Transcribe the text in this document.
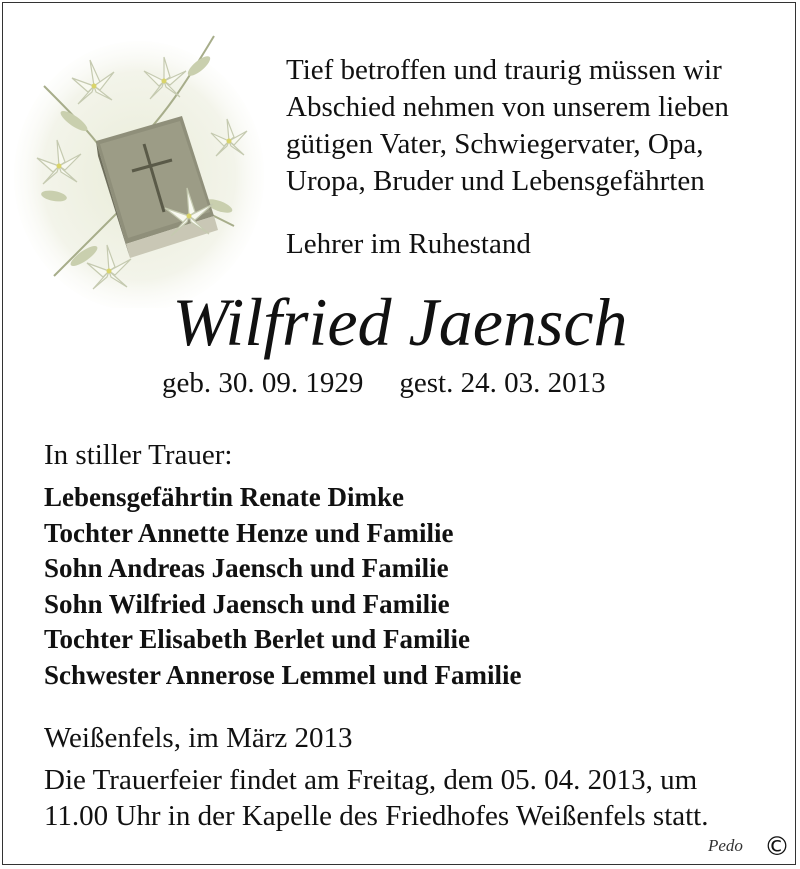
Tief betroffen und traurig müssen wir
Abschied nehmen von unserem lieben
gütigen Vater, Schwiegervater, Opa,
Uropa, Bruder und Lebensgefährten

Lehrer im Ruhestand

Wilfried Jaensch
geb. 30. 09. 1929 gest. 24. 03. 2013
In stiller Trauer:
Lebensgefährtin Renate Dimke
Tochter Annette Henze und Familie
Sohn Andreas Jaensch und Familie
Sohn Wilfried Jaensch und Familie
Tochter Elisabeth Berlet und Familie
Schwester Annerose Lemmel und Familie
Weißenfels, im März 2013

Die Trauerfeier findet am Freitag, dem 05. 04. 2013, um
11.00 Uhr in der Kapelle des Friedhofes Weißenfels statt.

Pedo ©
